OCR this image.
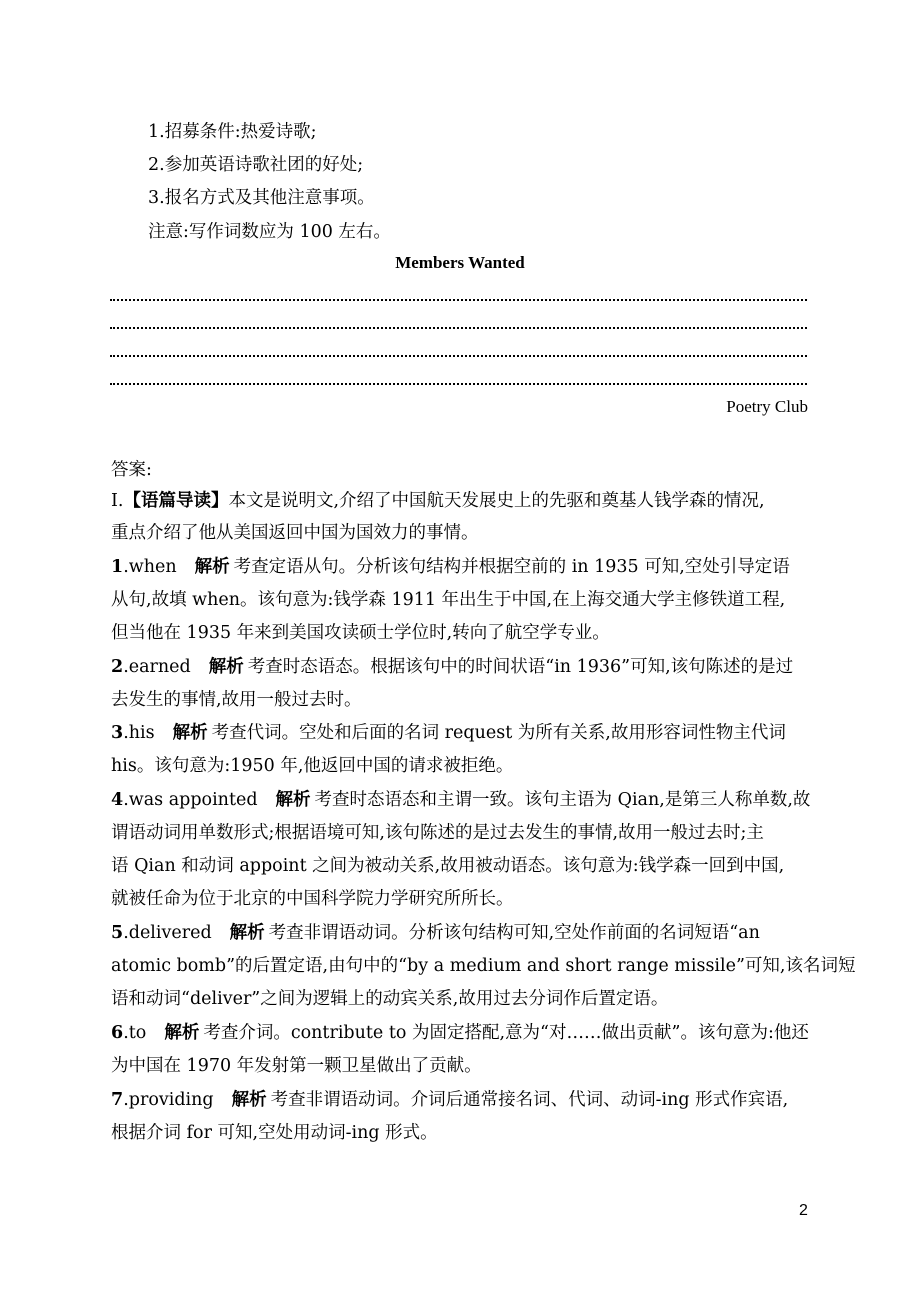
1.招募条件:热爱诗歌;
2.参加英语诗歌社团的好处;
3.报名方式及其他注意事项。
注意:写作词数应为 100 左右。
Members Wanted
Poetry Club
答案:
Ⅰ.【语篇导读】本文是说明文,介绍了中国航天发展史上的先驱和奠基人钱学森的情况,
重点介绍了他从美国返回中国为国效力的事情。
1.when 解析 考查定语从句。分析该句结构并根据空前的 in 1935 可知,空处引导定语
从句,故填 when。该句意为:钱学森 1911 年出生于中国,在上海交通大学主修铁道工程,
但当他在 1935 年来到美国攻读硕士学位时,转向了航空学专业。
2.earned 解析 考查时态语态。根据该句中的时间状语“in 1936”可知,该句陈述的是过
去发生的事情,故用一般过去时。
3.his 解析 考查代词。空处和后面的名词 request 为所有关系,故用形容词性物主代词
his。该句意为:1950 年,他返回中国的请求被拒绝。
4.was appointed 解析 考查时态语态和主谓一致。该句主语为 Qian,是第三人称单数,故
谓语动词用单数形式;根据语境可知,该句陈述的是过去发生的事情,故用一般过去时;主
语 Qian 和动词 appoint 之间为被动关系,故用被动语态。该句意为:钱学森一回到中国,
就被任命为位于北京的中国科学院力学研究所所长。
5.delivered 解析 考查非谓语动词。分析该句结构可知,空处作前面的名词短语“an
atomic bomb”的后置定语,由句中的“by a medium and short range missile”可知,该名词短
语和动词“deliver”之间为逻辑上的动宾关系,故用过去分词作后置定语。
6.to 解析 考查介词。contribute to 为固定搭配,意为“对……做出贡献”。该句意为:他还
为中国在 1970 年发射第一颗卫星做出了贡献。
7.providing 解析 考查非谓语动词。介词后通常接名词、代词、动词-ing 形式作宾语,
根据介词 for 可知,空处用动词-ing 形式。
2
